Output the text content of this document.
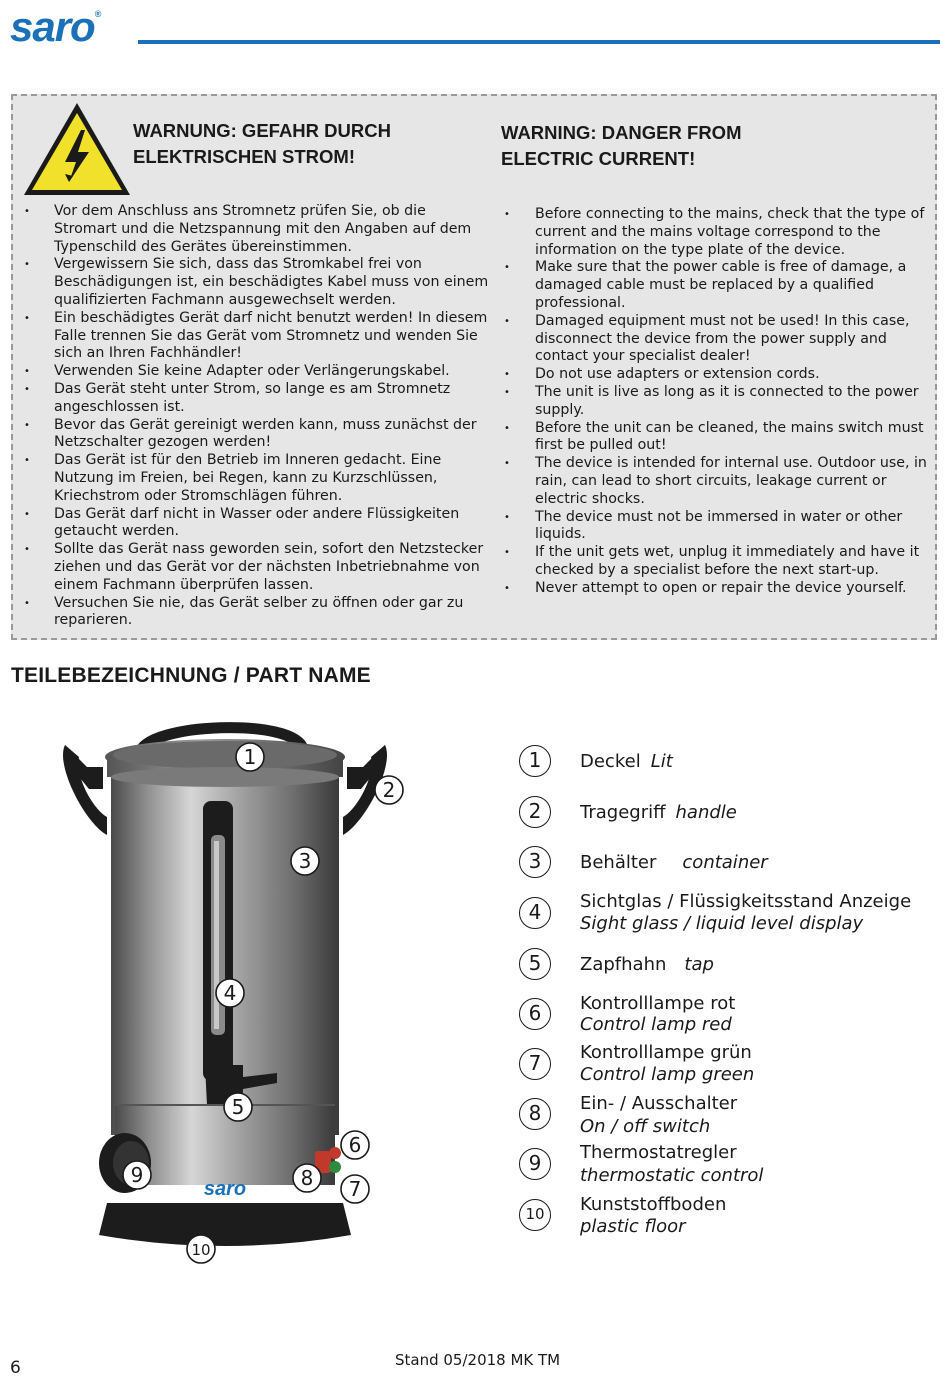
saro®
WARNUNG: GEFAHR DURCH ELEKTRISCHEN STROM!
WARNING: DANGER FROM ELECTRIC CURRENT!
• Vor dem Anschluss ans Stromnetz prüfen Sie, ob die Stromart und die Netzspannung mit den Angaben auf dem Typenschild des Gerätes übereinstimmen.
• Vergewissern Sie sich, dass das Stromkabel frei von Beschädigungen ist, ein beschädigtes Kabel muss von einem qualifizierten Fachmann ausgewechselt werden.
• Ein beschädigtes Gerät darf nicht benutzt werden! In diesem Falle trennen Sie das Gerät vom Stromnetz und wenden Sie sich an Ihren Fachhändler!
• Verwenden Sie keine Adapter oder Verlängerungskabel.
• Das Gerät steht unter Strom, so lange es am Stromnetz angeschlossen ist.
• Bevor das Gerät gereinigt werden kann, muss zunächst der Netzschalter gezogen werden!
• Das Gerät ist für den Betrieb im Inneren gedacht. Eine Nutzung im Freien, bei Regen, kann zu Kurzschlüssen, Kriechstrom oder Stromschlägen führen.
• Das Gerät darf nicht in Wasser oder andere Flüssigkeiten getaucht werden.
• Sollte das Gerät nass geworden sein, sofort den Netzstecker ziehen und das Gerät vor der nächsten Inbetriebnahme von einem Fachmann überprüfen lassen.
• Versuchen Sie nie, das Gerät selber zu öffnen oder gar zu reparieren.
• Before connecting to the mains, check that the type of current and the mains voltage correspond to the information on the type plate of the device.
• Make sure that the power cable is free of damage, a damaged cable must be replaced by a qualified professional.
• Damaged equipment must not be used! In this case, disconnect the device from the power supply and contact your specialist dealer!
• Do not use adapters or extension cords.
• The unit is live as long as it is connected to the power supply.
• Before the unit can be cleaned, the mains switch must first be pulled out!
• The device is intended for internal use. Outdoor use, in rain, can lead to short circuits, leakage current or electric shocks.
• The device must not be immersed in water or other liquids.
• If the unit gets wet, unplug it immediately and have it checked by a specialist before the next start-up.
• Never attempt to open or repair the device yourself.
TEILEBEZEICHNUNG / PART NAME
saro
1
2
3
4
5
6
7
8
9
10
1	Deckel Lit
2	Tragegriff handle
3	Behälter container
4	Sichtglas / Flüssigkeitsstand Anzeige
Sight glass / liquid level display
5	Zapfhahn tap
6	Kontrolllampe rot
Control lamp red
7	Kontrolllampe grün
Control lamp green
8	Ein- / Ausschalter
On / off switch
9	Thermostatregler
thermostatic control
10	Kunststoffboden
plastic floor
6	Stand 05/2018 MK TM
